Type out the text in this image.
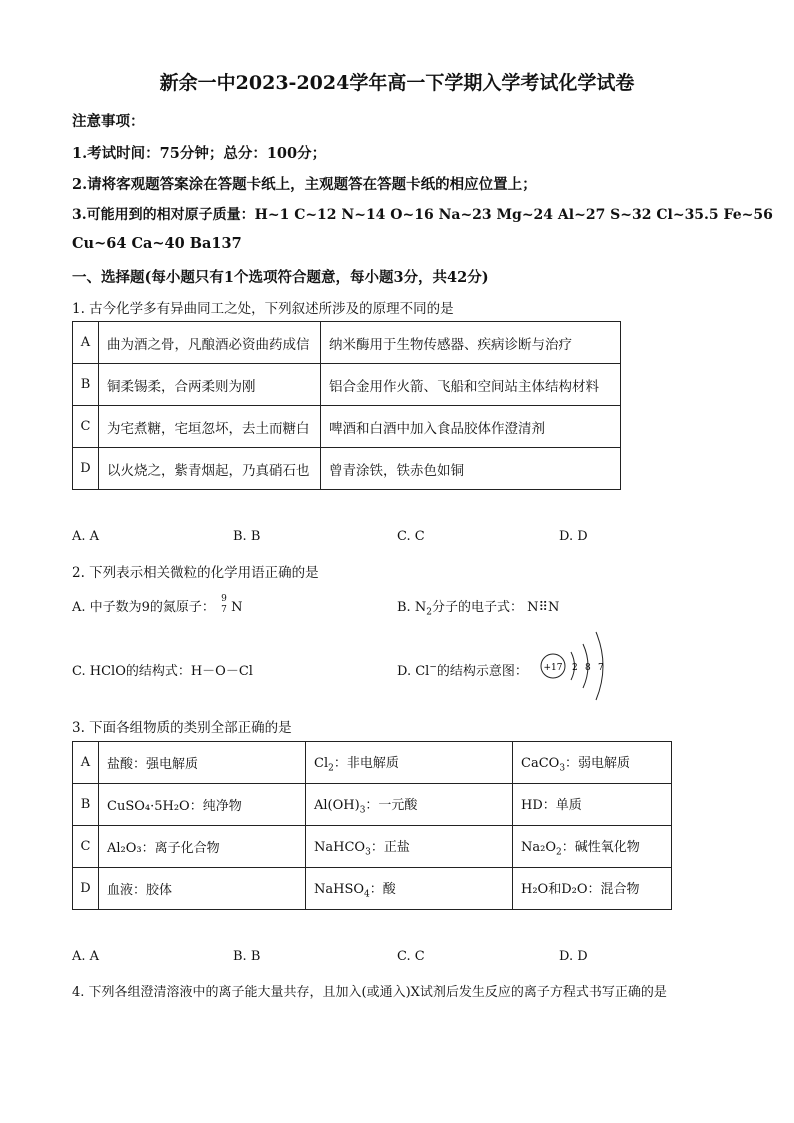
新余一中2023-2024学年高一下学期入学考试化学试卷
注意事项：
1.考试时间：75分钟；总分：100分；
2.请将客观题答案涂在答题卡纸上，主观题答在答题卡纸的相应位置上；
3.可能用到的相对原子质量：H~1 C~12 N~14 O~16 Na~23 Mg~24 Al~27 S~32 Cl~35.5 Fe~56
Cu~64 Ca~40 Ba137
一、选择题(每小题只有1个选项符合题意，每小题3分，共42分)
1. 古今化学多有异曲同工之处，下列叙述所涉及的原理不同的是
A	曲为酒之骨，凡酿酒必资曲药成信	纳米酶用于生物传感器、疾病诊断与治疗
B	铜柔锡柔，合两柔则为刚	铝合金用作火箭、飞船和空间站主体结构材料
C	为宅煮糖，宅垣忽坏，去土而糖白	啤酒和白酒中加入食品胶体作澄清剂
D	以火烧之，紫青烟起，乃真硝石也	曾青涂铁，铁赤色如铜
A. A	B. B	C. C	D. D
2. 下列表示相关微粒的化学用语正确的是
A. 中子数为9的氮原子：
9
7 N	B. $N_2$分子的电子式： N⠿N
C. HClO的结构式：H－O－Cl	D. Cl−的结构示意图： +17 2 8 7
3. 下面各组物质的类别全部正确的是
A	盐酸：强电解质	$Cl_2$：非电解质	CaCO$_3$：弱电解质
B	CuSO₄·5H₂O：纯净物	$Al(OH)_3$：一元酸	HD：单质
C	Al₂O₃：离子化合物	NaHCO$_3$：正盐	$Na_2O_2$：碱性氧化物
D	血液：胶体	NaHSO$_4$：酸	H₂O和D₂O：混合物
A. A	B. B	C. C	D. D
4. 下列各组澄清溶液中的离子能大量共存，且加入(或通入)X试剂后发生反应的离子方程式书写正确的是
